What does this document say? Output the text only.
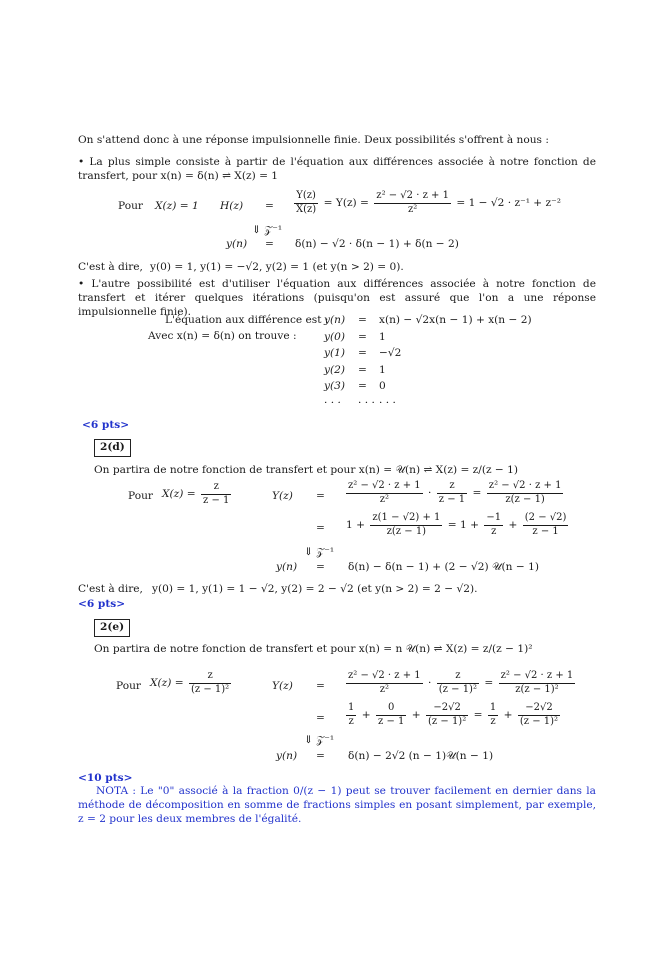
On s'attend donc à une réponse impulsionnelle finie. Deux possibilités s'offrent à nous :
• La plus simple consiste à partir de l'équation aux différences associée à notre fonction de transfert, pour x(n) = δ(n) ⇌ X(z) = 1
Pour X(z) = 1 $H(z) = \frac{Y(z)}{X(z)} = Y(z) = \frac{\text{z² − √2 · z + 1}}{\text{z²}} = 1 - √2 \cdot z^{-1} + z^{-2}$
⇓ 𝒵⁻¹
y(n) = δ(n) − √2 · δ(n − 1) + δ(n − 2)
C'est à dire, y(0) = 1, y(1) = −√2, y(2) = 1 (et y(n > 2) = 0).
• L'autre possibilité est d'utiliser l'équation aux différences associée à notre fonction de transfert et itérer quelques itérations (puisqu'on est assuré que l'on a une réponse impulsionnelle finie).
L'équation aux différence est :
Avec x(n) = δ(n) on trouve :
y(n) = x(n) − √2x(n − 1) + x(n − 2)
y(0) = 1
y(1) = −√2
y(2) = 1
y(3) = 0
· · · · · · · · ·
<6 pts>
2(d)
On partira de notre fonction de transfert et pour x(n) = 𝒰(n) ⇌ X(z) = z/(z − 1)
Pour $X(z) = \frac{z}{z - 1}$	$Y(z) = \frac{\text{z² − √2 · z + 1}}{\text{z²}} \cdot \frac{z}{z - 1} = \frac{\text{z² − √2 · z + 1}}{z(z - 1)}$
= $1 + \frac{z(1 - √2) + 1}{z(z - 1)} = 1 + \frac{-1}{z} + \frac{(2 - √2)}{z - 1}$
⇓ 𝒵⁻¹
y(n) = δ(n) − δ(n − 1) + (2 − √2) 𝒰(n − 1)
C'est à dire, y(0) = 1, y(1) = 1 − √2, y(2) = 2 − √2 (et y(n > 2) = 2 − √2).
<6 pts>
2(e)
On partira de notre fonction de transfert et pour x(n) = n 𝒰(n) ⇌ X(z) = z/(z − 1)²
Pour $X(z) = \frac{z}{\text{(z − 1)²}}$	$Y(z) = \frac{\text{z² − √2 · z + 1}}{\text{z²}} \cdot \frac{z}{\text{(z − 1)²}} = \frac{\text{z² − √2 · z + 1}}{\text{z(z − 1)²}}$
= $\frac{1}{z} + \frac{0}{z - 1} + \frac{-2√2}{\text{(z − 1)²}} = \frac{1}{z} + \frac{-2√2}{\text{(z − 1)²}}$
⇓ 𝒵⁻¹
y(n) = δ(n) − 2√2 (n − 1)𝒰(n − 1)
<10 pts>
NOTA : Le "0" associé à la fraction 0/(z − 1) peut se trouver facilement en dernier dans la méthode de décomposition en somme de fractions simples en posant simplement, par exemple, z = 2 pour les deux membres de l'égalité.
